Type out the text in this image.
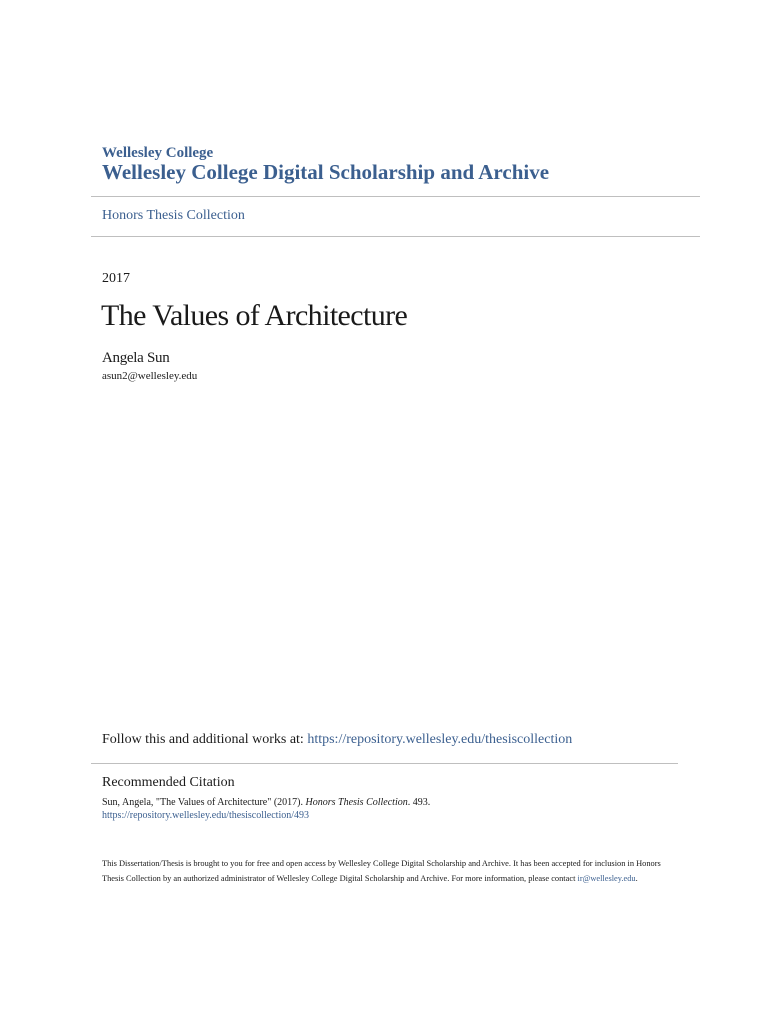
Wellesley College
Wellesley College Digital Scholarship and Archive
Honors Thesis Collection
2017
The Values of Architecture
Angela Sun
asun2@wellesley.edu
Follow this and additional works at: https://repository.wellesley.edu/thesiscollection
Recommended Citation
Sun, Angela, "The Values of Architecture" (2017). Honors Thesis Collection. 493.
https://repository.wellesley.edu/thesiscollection/493
This Dissertation/Thesis is brought to you for free and open access by Wellesley College Digital Scholarship and Archive. It has been accepted for inclusion in Honors Thesis Collection by an authorized administrator of Wellesley College Digital Scholarship and Archive. For more information, please contact ir@wellesley.edu.
